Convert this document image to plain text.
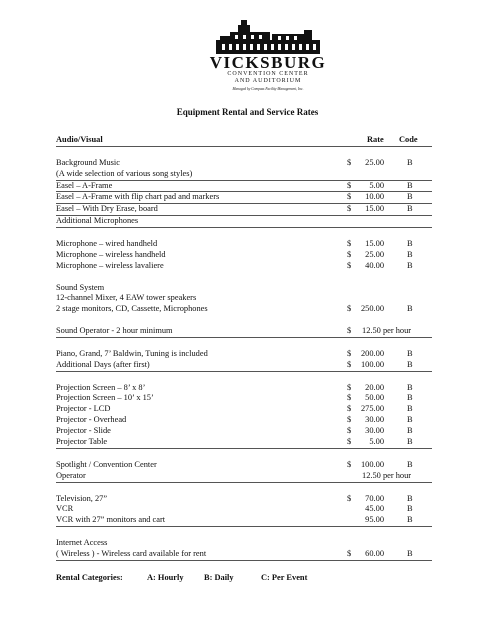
VICKSBURG
CONVENTION CENTER
AND AUDITORIUM
Managed by Compass Facility Management, Inc.
Equipment Rental and Service Rates
Audio/Visual	Rate Code
Background Music	$ 25.00	B
(A wide selection of various song styles)
Easel – A-Frame	$ 5.00	B
Easel – A-Frame with flip chart pad and markers	$ 10.00	B
Easel – With Dry Erase, board	$ 15.00	B
Additional Microphones
Microphone – wired handheld	$ 15.00	B
Microphone – wireless handheld	$ 25.00	B
Microphone – wireless lavaliere	$ 40.00	B
Sound System
12-channel Mixer, 4 EAW tower speakers
2 stage monitors, CD, Cassette, Microphones	$ 250.00	B
Sound Operator - 2 hour minimum	$ 12.50 per hour
Piano, Grand, 7’ Baldwin, Tuning is included	$ 200.00	B
Additional Days (after first)	$ 100.00	B
Projection Screen – 8’ x 8’	$ 20.00	B
Projection Screen – 10’ x 15’	$ 50.00	B
Projector - LCD	$ 275.00	B
Projector - Overhead	$ 30.00	B
Projector - Slide	$ 30.00	B
Projector Table	$ 5.00	B
Spotlight / Convention Center	$ 100.00	B
Operator	12.50 per hour
Television, 27”	$ 70.00	B
VCR	45.00	B
VCR with 27” monitors and cart	95.00	B
Internet Access
( Wireless ) - Wireless card available for rent	$ 60.00	B
Rental Categories:	A: Hourly B: Daily	C: Per Event
